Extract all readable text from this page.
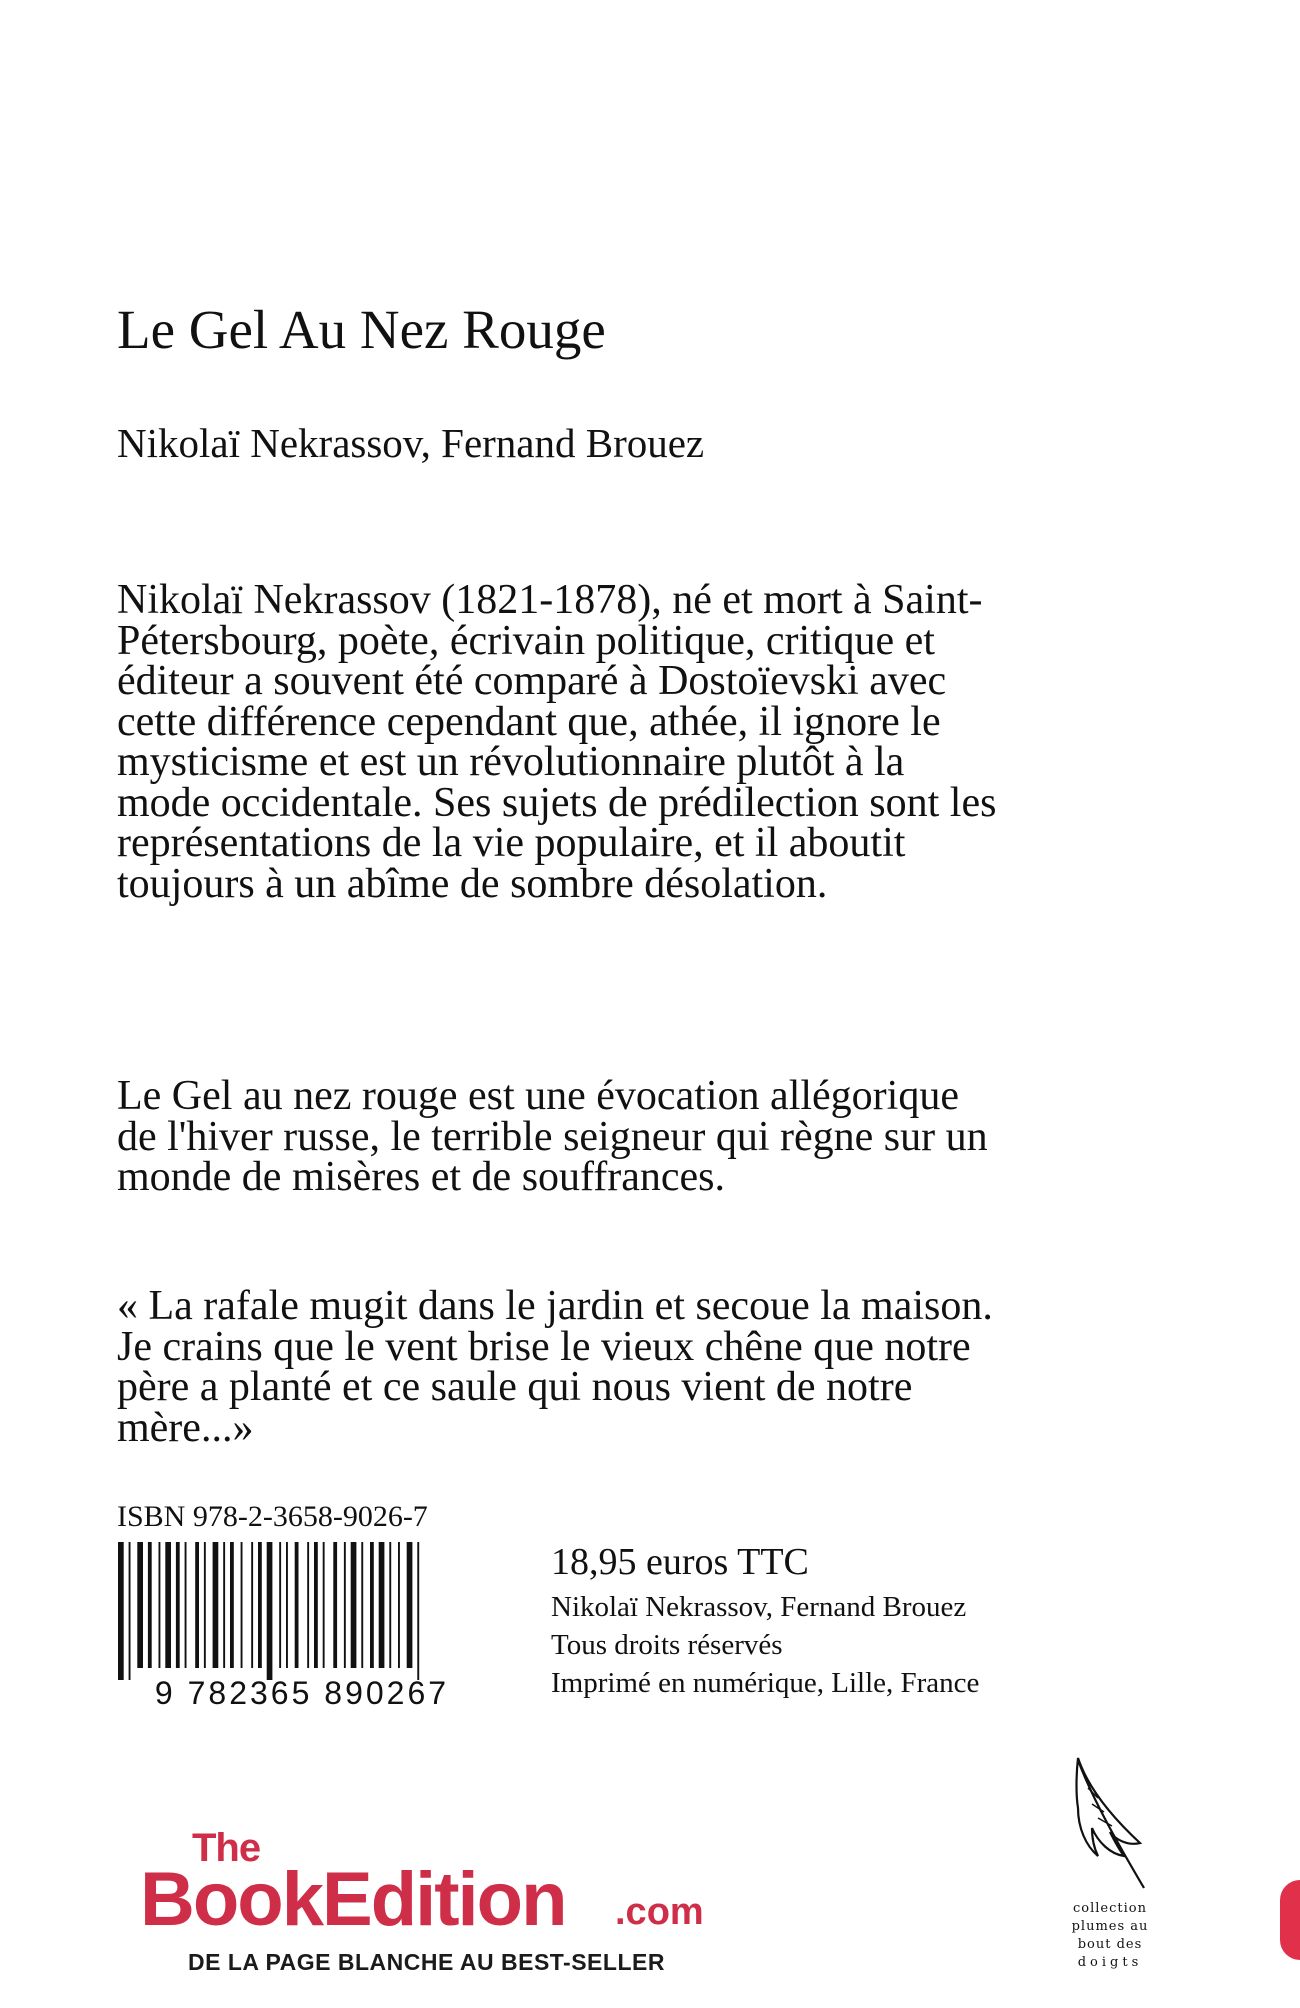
Le Gel Au Nez Rouge
Nikolaï Nekrassov, Fernand Brouez

Nikolaï Nekrassov (1821-1878), né et mort à Saint-Pétersbourg, poète, écrivain politique, critique et éditeur a souvent été comparé à Dostoïevski avec cette différence cependant que, athée, il ignore le mysticisme et est un révolutionnaire plutôt à la mode occidentale. Ses sujets de prédilection sont les représentations de la vie populaire, et il aboutit toujours à un abîme de sombre désolation.

Le Gel au nez rouge est une évocation allégorique de l'hiver russe, le terrible seigneur qui règne sur un monde de misères et de souffrances.

« La rafale mugit dans le jardin et secoue la maison. Je crains que le vent brise le vieux chêne que notre père a planté et ce saule qui nous vient de notre mère...»

ISBN 978-2-3658-9026-7
9 782365 890267
18,95 euros TTC
Nikolaï Nekrassov, Fernand Brouez
Tous droits réservés
Imprimé en numérique, Lille, France
The
BookEdition .com
DE LA PAGE BLANCHE AU BEST-SELLER
collection
plumes au
bout des
doigts
